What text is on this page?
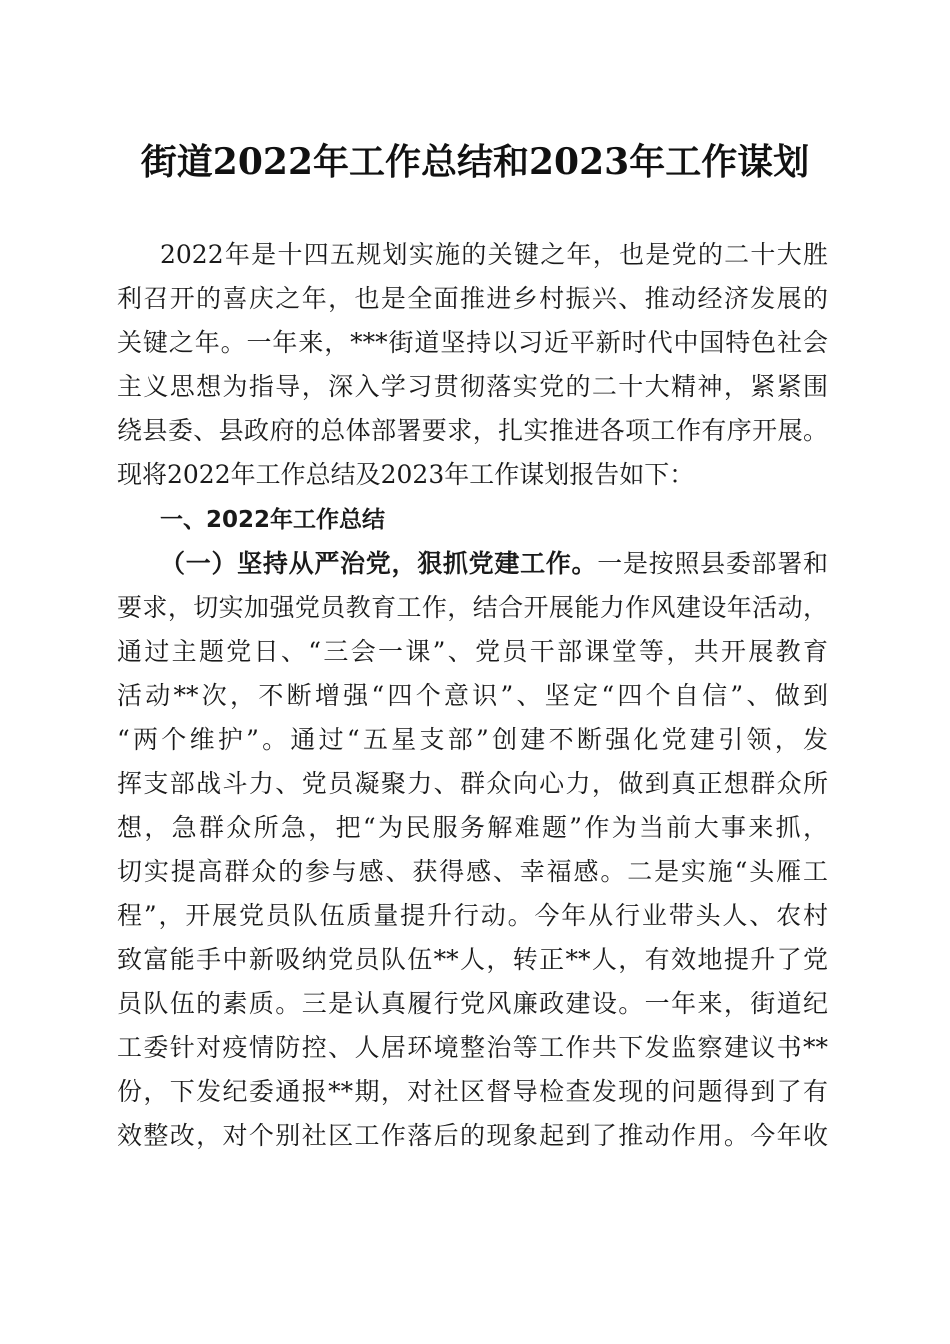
街道2022年工作总结和2023年工作谋划
2022年是十四五规划实施的关键之年，也是党的二十大胜
利召开的喜庆之年，也是全面推进乡村振兴、推动经济发展的
关键之年。一年来，***街道坚持以习近平新时代中国特色社会
主义思想为指导，深入学习贯彻落实党的二十大精神，紧紧围
绕县委、县政府的总体部署要求，扎实推进各项工作有序开展。
现将2022年工作总结及2023年工作谋划报告如下：
一、2022年工作总结
（一）坚持从严治党，狠抓党建工作。一是按照县委部署和
要求，切实加强党员教育工作，结合开展能力作风建设年活动，
通过主题党日、“三会一课”、党员干部课堂等，共开展教育
活动**次，不断增强“四个意识”、坚定“四个自信”、做到
“两个维护”。通过“五星支部”创建不断强化党建引领，发
挥支部战斗力、党员凝聚力、群众向心力，做到真正想群众所
想，急群众所急，把“为民服务解难题”作为当前大事来抓，
切实提高群众的参与感、获得感、幸福感。二是实施“头雁工
程”，开展党员队伍质量提升行动。今年从行业带头人、农村
致富能手中新吸纳党员队伍**人，转正**人，有效地提升了党
员队伍的素质。三是认真履行党风廉政建设。一年来，街道纪
工委针对疫情防控、人居环境整治等工作共下发监察建议书**
份，下发纪委通报**期，对社区督导检查发现的问题得到了有
效整改，对个别社区工作落后的现象起到了推动作用。今年收
